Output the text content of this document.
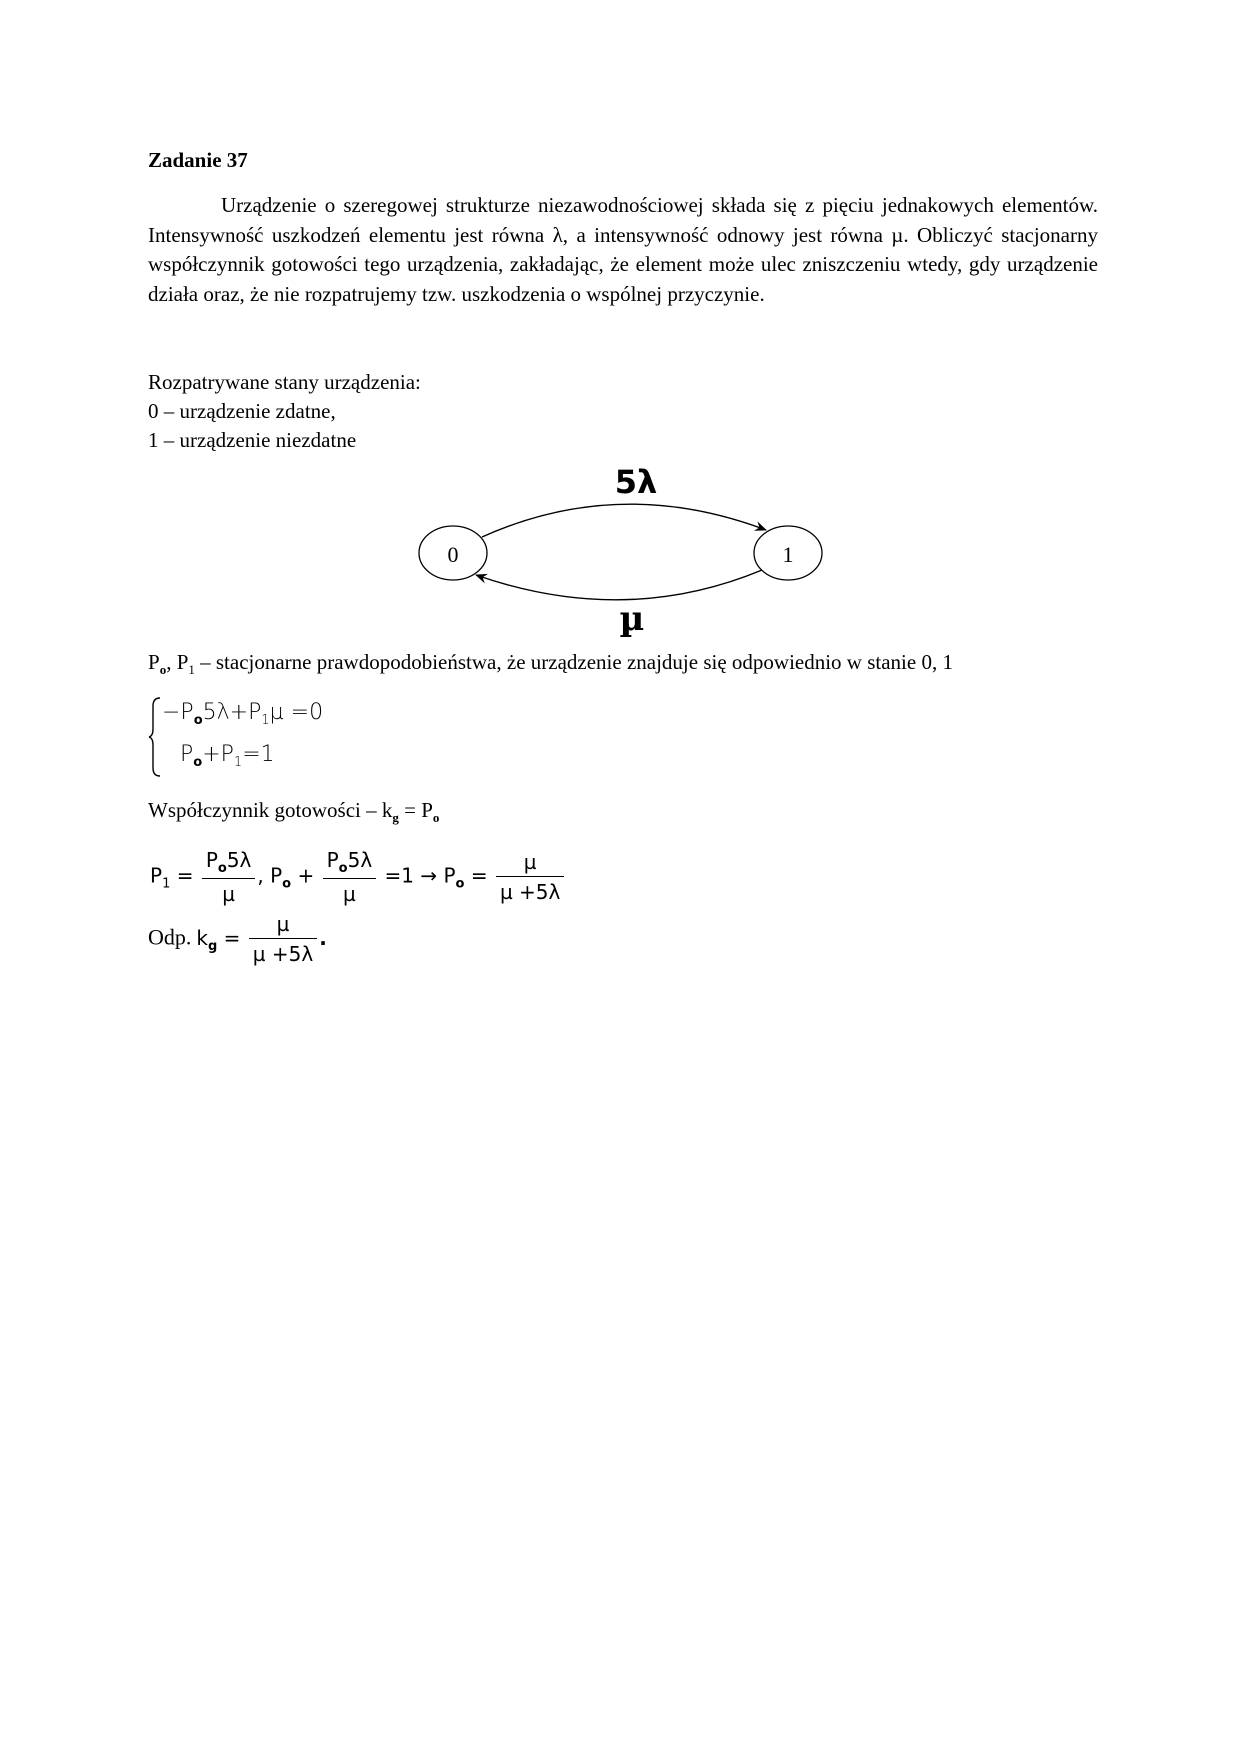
Zadanie 37

Urządzenie o szeregowej strukturze niezawodnościowej składa się z pięciu jednakowych elementów. Intensywność uszkodzeń elementu jest równa λ, a intensywność odnowy jest równa µ. Obliczyć stacjonarny współczynnik gotowości tego urządzenia, zakładając, że element może ulec zniszczeniu wtedy, gdy urządzenie działa oraz, że nie rozpatrujemy tzw. uszkodzenia o wspólnej przyczynie.

Rozpatrywane stany urządzenia:
0 – urządzenie zdatne,
1 – urządzenie niezdatne
0	1
5λ
µ
$P_o$, $P_1$ – stacjonarne prawdopodobieństwa, że urządzenie znajduje się odpowiednio w stanie 0, 1
$-P_o5\lambda+P_1\mu =0$
$P_o+P_1=1$
Współczynnik gotowości – $k_g = P_o$
$P_1 = \frac{P_o5\lambda}{\text{µ}}$ , $P_o + \frac{P_o5\lambda}{\text{µ}} =1 \to P_o = \frac{\text{µ}}{\text{µ +5λ}}$
Odp. $k_g = \frac{\text{µ}}{\text{µ +5λ}}$ .
